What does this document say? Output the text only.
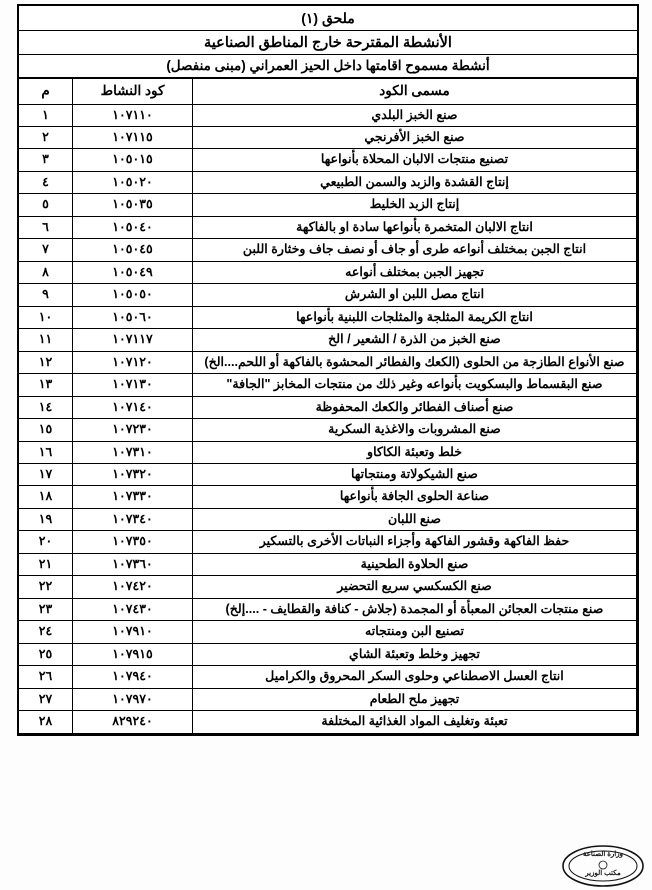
ملحق (١)
الأنشطة المقترحة خارج المناطق الصناعية
أنشطة مسموح اقامتها داخل الحيز العمراني (مبنى منفصل)
مسمى الكود	كود النشاط	م
صنع الخبز البلدي	١٠٧١١٠	١
صنع الخبز الأفرنجي	١٠٧١١٥	٢
تصنيع منتجات الالبان المحلاة بأنواعها	١٠٥٠١٥	٣
إنتاج القشدة والزبد والسمن الطبيعي	١٠٥٠٢٠	٤
إنتاج الزبد الخليط	١٠٥٠٣٥	٥
انتاج الالبان المتخمرة بأنواعها سادة او بالفاكهة	١٠٥٠٤٠	٦
انتاج الجبن بمختلف أنواعه طرى أو جاف أو نصف جاف وخثارة اللبن	١٠٥٠٤٥	٧
تجهيز الجبن بمختلف أنواعه	١٠٥٠٤٩	٨
انتاج مصل اللبن او الشرش	١٠٥٠٥٠	٩
انتاج الكريمة المثلجة والمثلجات اللبنية بأنواعها	١٠٥٠٦٠	١٠
صنع الخبز من الذرة / الشعير / الخ	١٠٧١١٧	١١
صنع الأنواع الطازجة من الحلوى (الكعك والفطائر المحشوة بالفاكهة أو اللحم....الخ)	١٠٧١٢٠	١٢
صنع البقسماط والبسكويت بأنواعه وغير ذلك من منتجات المخابز "الجافة"	١٠٧١٣٠	١٣
صنع أصناف الفطائر والكعك المحفوظة	١٠٧١٤٠	١٤
صنع المشروبات والاغذية السكرية	١٠٧٢٣٠	١٥
خلط وتعبئة الكاكاو	١٠٧٣١٠	١٦
صنع الشيكولاتة ومنتجاتها	١٠٧٣٢٠	١٧
صناعة الحلوى الجافة بأنواعها	١٠٧٣٣٠	١٨
صنع اللبان	١٠٧٣٤٠	١٩
حفظ الفاكهة وقشور الفاكهة وأجزاء النباتات الأخرى بالتسكير	١٠٧٣٥٠	٢٠
صنع الحلاوة الطحينية	١٠٧٣٦٠	٢١
صنع الكسكسي سريع التحضير	١٠٧٤٢٠	٢٢
صنع منتجات العجائن المعبأة أو المجمدة (جلاش - كنافة والقطايف - ....إلخ)	١٠٧٤٣٠	٢٣
تصنيع البن ومنتجاته	١٠٧٩١٠	٢٤
تجهيز وخلط وتعبئة الشاي	١٠٧٩١٥	٢٥
انتاج العسل الاصطناعي وحلوى السكر المحروق والكراميل	١٠٧٩٤٠	٢٦
تجهيز ملح الطعام	١٠٧٩٧٠	٢٧
تعبئة وتغليف المواد الغذائية المختلفة	٨٢٩٢٤٠	٢٨
وزارة الصناعة
مكتب الوزير
